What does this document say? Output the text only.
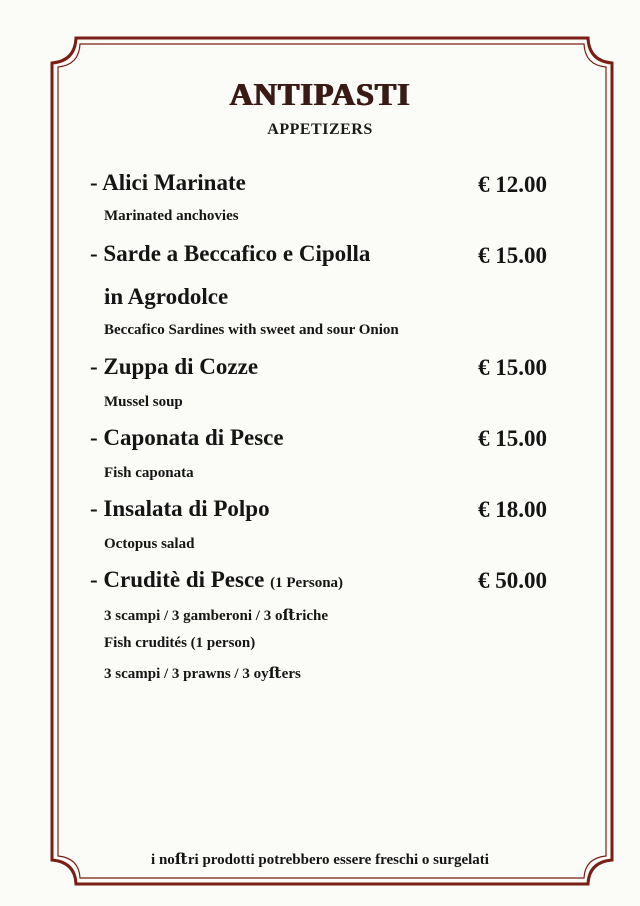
ANTIPASTI
APPETIZERS
- Alici Marinate	€ 12.00
Marinated anchovies
- Sarde a Beccafico e Cipolla	€ 15.00
in Agrodolce
Beccafico Sardines with sweet and sour Onion
- Zuppa di Cozze	€ 15.00
Mussel soup
- Caponata di Pesce	€ 15.00
Fish caponata
- Insalata di Polpo	€ 18.00
Octopus salad
- Cruditè di Pesce (1 Persona)	€ 50.00
3 scampi / 3 gamberoni / 3 oﬅriche
Fish crudités (1 person)
3 scampi / 3 prawns / 3 oyﬅers
i noﬅri prodotti potrebbero essere freschi o surgelati
